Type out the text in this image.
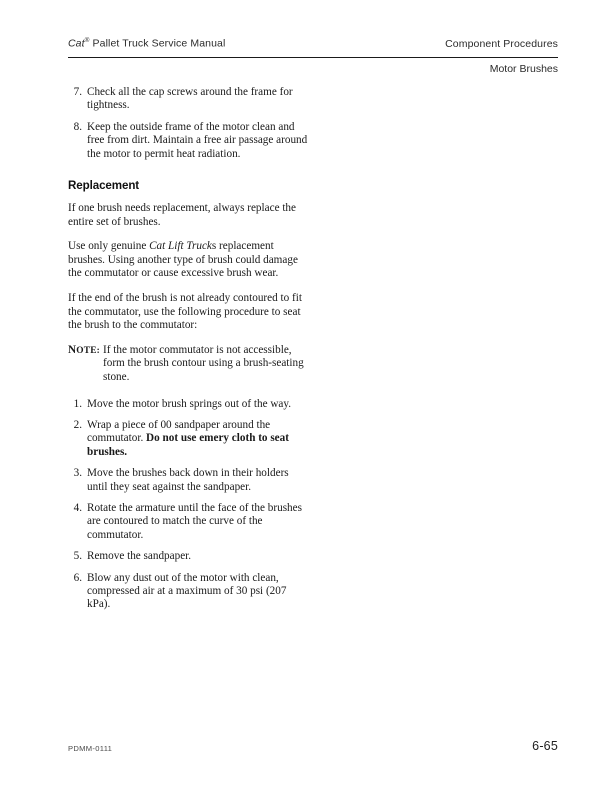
Cat® Pallet Truck Service Manual	Component Procedures
Motor Brushes
7. Check all the cap screws around the frame for tightness.
8. Keep the outside frame of the motor clean and free from dirt. Maintain a free air passage around the motor to permit heat radiation.
Replacement

If one brush needs replacement, always replace the entire set of brushes.

Use only genuine Cat Lift Trucks replacement brushes. Using another type of brush could damage the commutator or cause excessive brush wear.

If the end of the brush is not already contoured to fit the commutator, use the following procedure to seat the brush to the commutator:

NOTE: If the motor commutator is not accessible, form the brush contour using a brush-seating stone.
1. Move the motor brush springs out of the way.
2. Wrap a piece of 00 sandpaper around the commutator. Do not use emery cloth to seat brushes.
3. Move the brushes back down in their holders until they seat against the sandpaper.
4. Rotate the armature until the face of the brushes are contoured to match the curve of the commutator.
5. Remove the sandpaper.
6. Blow any dust out of the motor with clean, compressed air at a maximum of 30 psi (207 kPa).
PDMM-0111	6-65
